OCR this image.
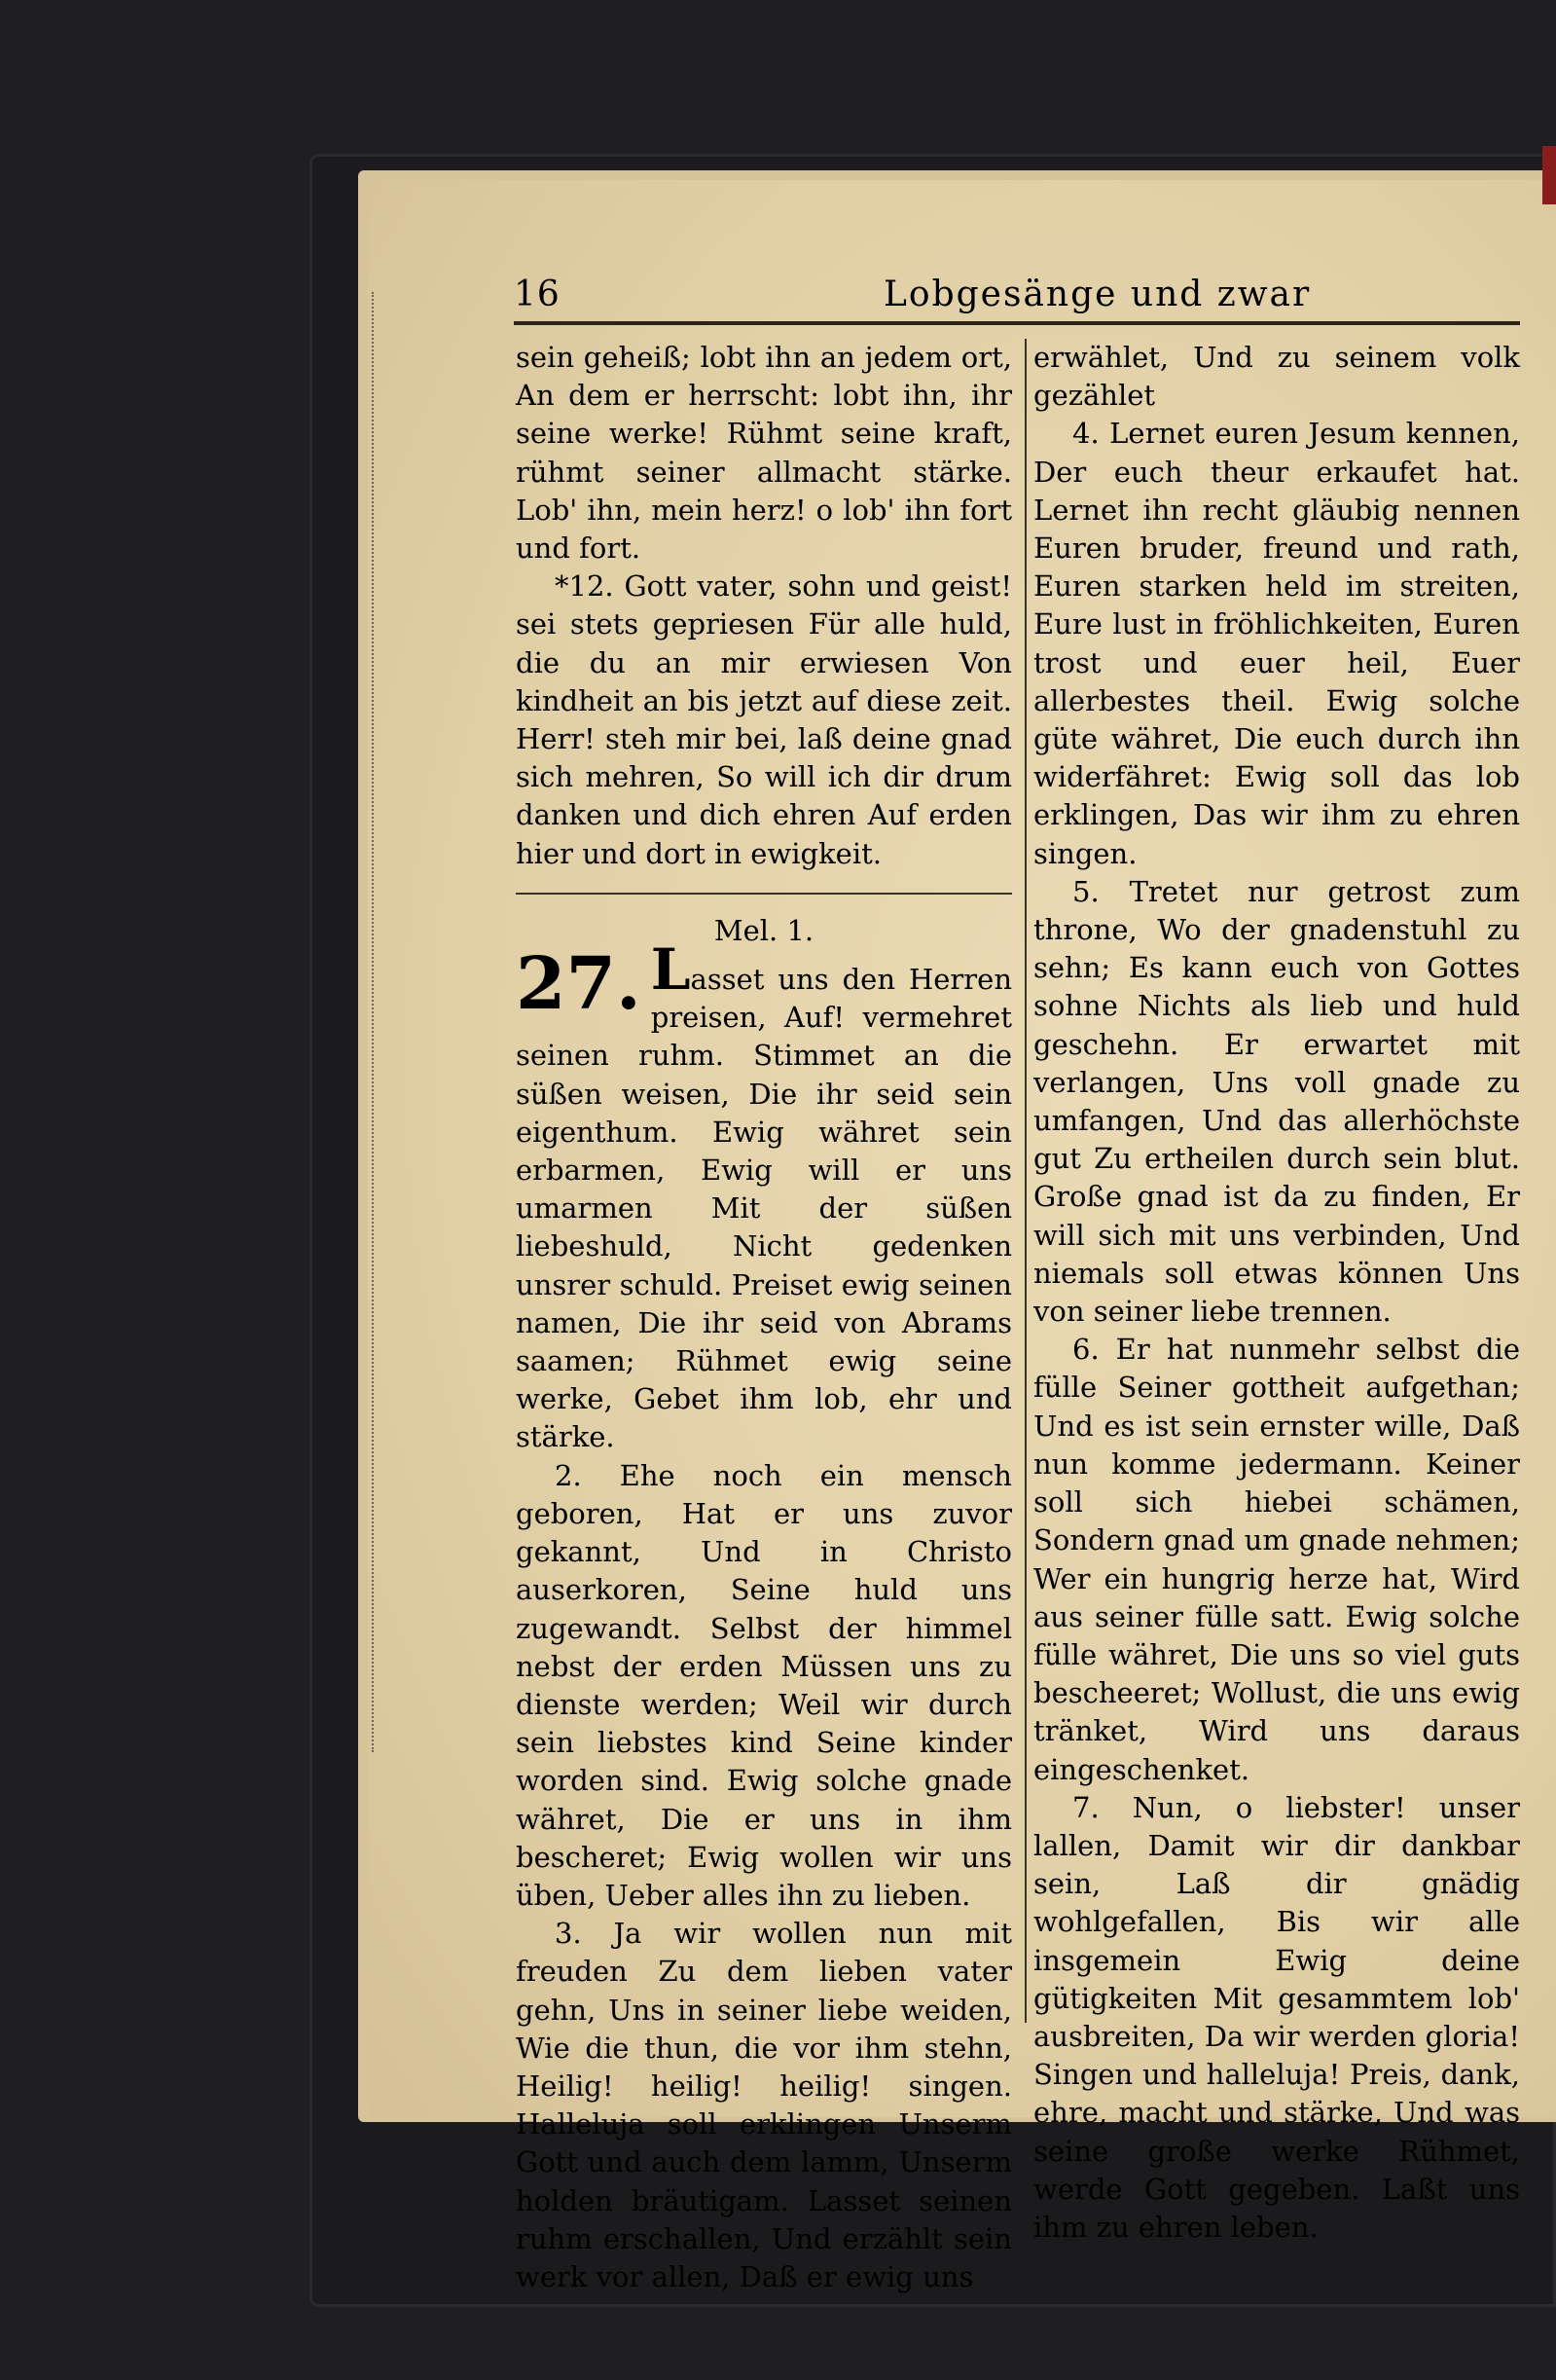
16	Lobgesänge und zwar

sein geheiß; lobt ihn an jedem ort, An dem er herrscht: lobt ihn, ihr seine werke! Rühmt seine kraft, rühmt seiner allmacht stärke. Lob' ihn, mein herz! o lob' ihn fort und fort.

*12. Gott vater, sohn und geist! sei stets gepriesen Für alle huld, die du an mir erwiesen Von kindheit an bis jetzt auf diese zeit. Herr! steh mir bei, laß deine gnad sich mehren, So will ich dir drum danken und dich ehren Auf erden hier und dort in ewigkeit.

Mel. 1.

27. Lasset uns den Herren preisen, Auf! vermehret seinen ruhm. Stimmet an die süßen weisen, Die ihr seid sein eigenthum. Ewig währet sein erbarmen, Ewig will er uns umarmen Mit der süßen liebeshuld, Nicht gedenken unsrer schuld. Preiset ewig seinen namen, Die ihr seid von Abrams saamen; Rühmet ewig seine werke, Gebet ihm lob, ehr und stärke.

2. Ehe noch ein mensch geboren, Hat er uns zuvor gekannt, Und in Christo auserkoren, Seine huld uns zugewandt. Selbst der himmel nebst der erden Müssen uns zu dienste werden; Weil wir durch sein liebstes kind Seine kinder worden sind. Ewig solche gnade währet, Die er uns in ihm bescheret; Ewig wollen wir uns üben, Ueber alles ihn zu lieben.

3. Ja wir wollen nun mit freuden Zu dem lieben vater gehn, Uns in seiner liebe weiden, Wie die thun, die vor ihm stehn, Heilig! heilig! heilig! singen. Halleluja soll erklingen Unserm Gott und auch dem lamm, Unserm holden bräutigam. Lasset seinen ruhm erschallen, Und erzählt sein werk vor allen, Daß er ewig uns

erwählet, Und zu seinem volk gezählet

4. Lernet euren Jesum kennen, Der euch theur erkaufet hat. Lernet ihn recht gläubig nennen Euren bruder, freund und rath, Euren starken held im streiten, Eure lust in fröhlichkeiten, Euren trost und euer heil, Euer allerbestes theil. Ewig solche güte währet, Die euch durch ihn widerfähret: Ewig soll das lob erklingen, Das wir ihm zu ehren singen.

5. Tretet nur getrost zum throne, Wo der gnadenstuhl zu sehn; Es kann euch von Gottes sohne Nichts als lieb und huld geschehn. Er erwartet mit verlangen, Uns voll gnade zu umfangen, Und das allerhöchste gut Zu ertheilen durch sein blut. Große gnad ist da zu finden, Er will sich mit uns verbinden, Und niemals soll etwas können Uns von seiner liebe trennen.

6. Er hat nunmehr selbst die fülle Seiner gottheit aufgethan; Und es ist sein ernster wille, Daß nun komme jedermann. Keiner soll sich hiebei schämen, Sondern gnad um gnade nehmen; Wer ein hungrig herze hat, Wird aus seiner fülle satt. Ewig solche fülle währet, Die uns so viel guts bescheeret; Wollust, die uns ewig tränket, Wird uns daraus eingeschenket.

7. Nun, o liebster! unser lallen, Damit wir dir dankbar sein, Laß dir gnädig wohlgefallen, Bis wir alle insgemein Ewig deine gütigkeiten Mit gesammtem lob' ausbreiten, Da wir werden gloria! Singen und halleluja! Preis, dank, ehre, macht und stärke, Und was seine große werke Rühmet, werde Gott gegeben. Laßt uns ihm zu ehren leben.
